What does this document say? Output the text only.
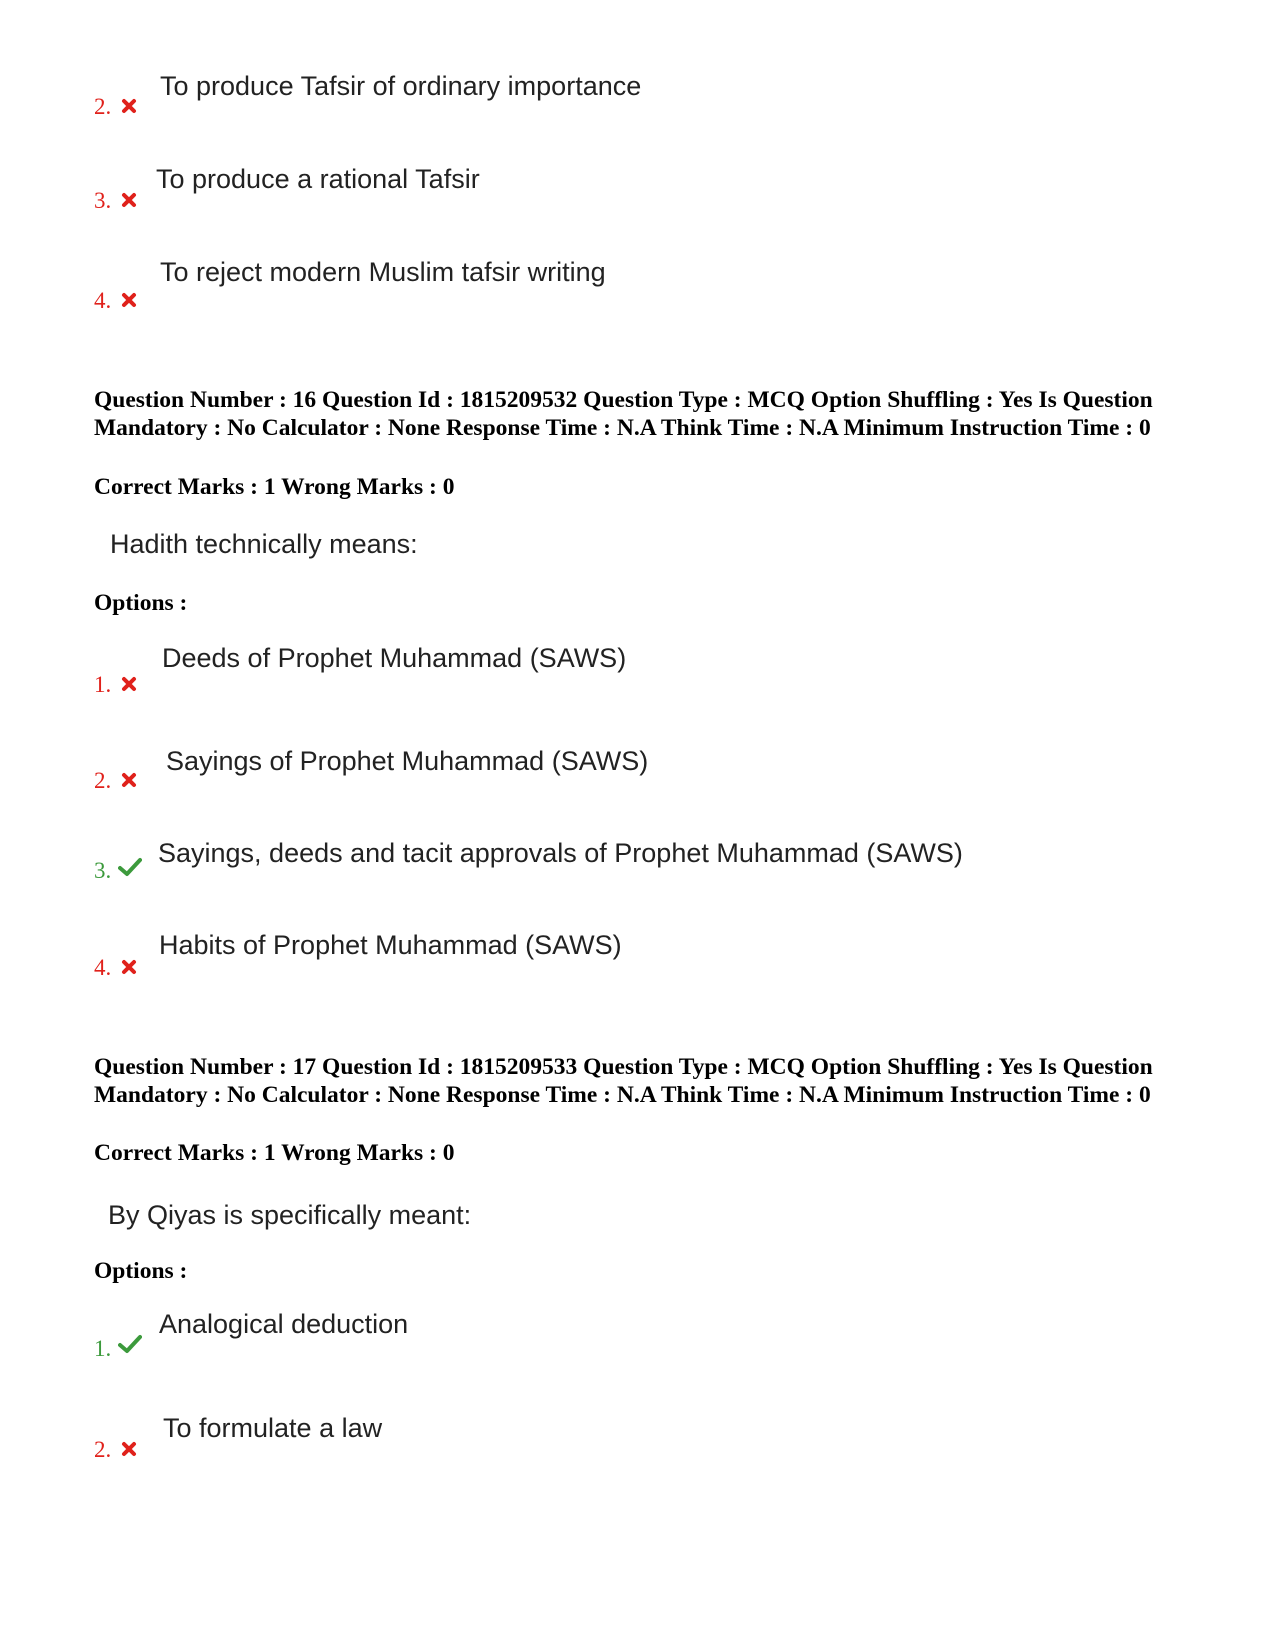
2.
To produce Tafsir of ordinary importance
3.
To produce a rational Tafsir
4.
To reject modern Muslim tafsir writing
Question Number : 16 Question Id : 1815209532 Question Type : MCQ Option Shuffling : Yes Is Question Mandatory : No Calculator : None Response Time : N.A Think Time : N.A Minimum Instruction Time : 0
Correct Marks : 1 Wrong Marks : 0
Hadith technically means:
Options :
1.
Deeds of Prophet Muhammad (SAWS)
2.
Sayings of Prophet Muhammad (SAWS)
3.
Sayings, deeds and tacit approvals of Prophet Muhammad (SAWS)
4.
Habits of Prophet Muhammad (SAWS)
Question Number : 17 Question Id : 1815209533 Question Type : MCQ Option Shuffling : Yes Is Question Mandatory : No Calculator : None Response Time : N.A Think Time : N.A Minimum Instruction Time : 0
Correct Marks : 1 Wrong Marks : 0
By Qiyas is specifically meant:
Options :
1.
Analogical deduction
2.
To formulate a law
